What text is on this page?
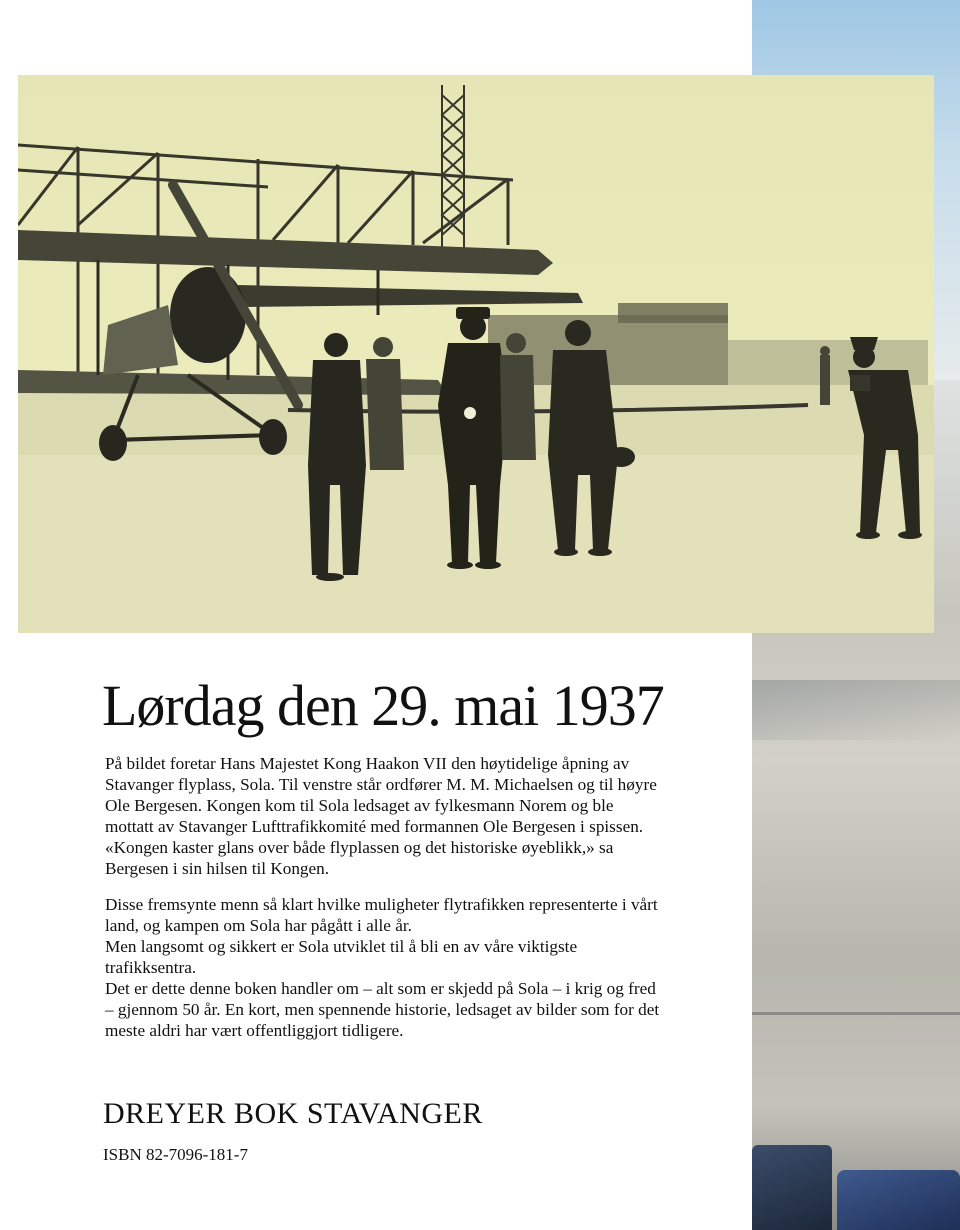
Lørdag den 29. mai 1937

På bildet foretar Hans Majestet Kong Haakon VII den høytidelige åpning av
Stavanger flyplass, Sola. Til venstre står ordfører M. M. Michaelsen og til høyre
Ole Bergesen. Kongen kom til Sola ledsaget av fylkesmann Norem og ble
mottatt av Stavanger Lufttrafikkomité med formannen Ole Bergesen i spissen.
«Kongen kaster glans over både flyplassen og det historiske øyeblikk,» sa
Bergesen i sin hilsen til Kongen.

Disse fremsynte menn så klart hvilke muligheter flytrafikken representerte i vårt
land, og kampen om Sola har pågått i alle år.
Men langsomt og sikkert er Sola utviklet til å bli en av våre viktigste
trafikksentra.
Det er dette denne boken handler om – alt som er skjedd på Sola – i krig og fred
– gjennom 50 år. En kort, men spennende historie, ledsaget av bilder som for det
meste aldri har vært offentliggjort tidligere.

DREYER BOK STAVANGER

ISBN 82-7096-181-7
